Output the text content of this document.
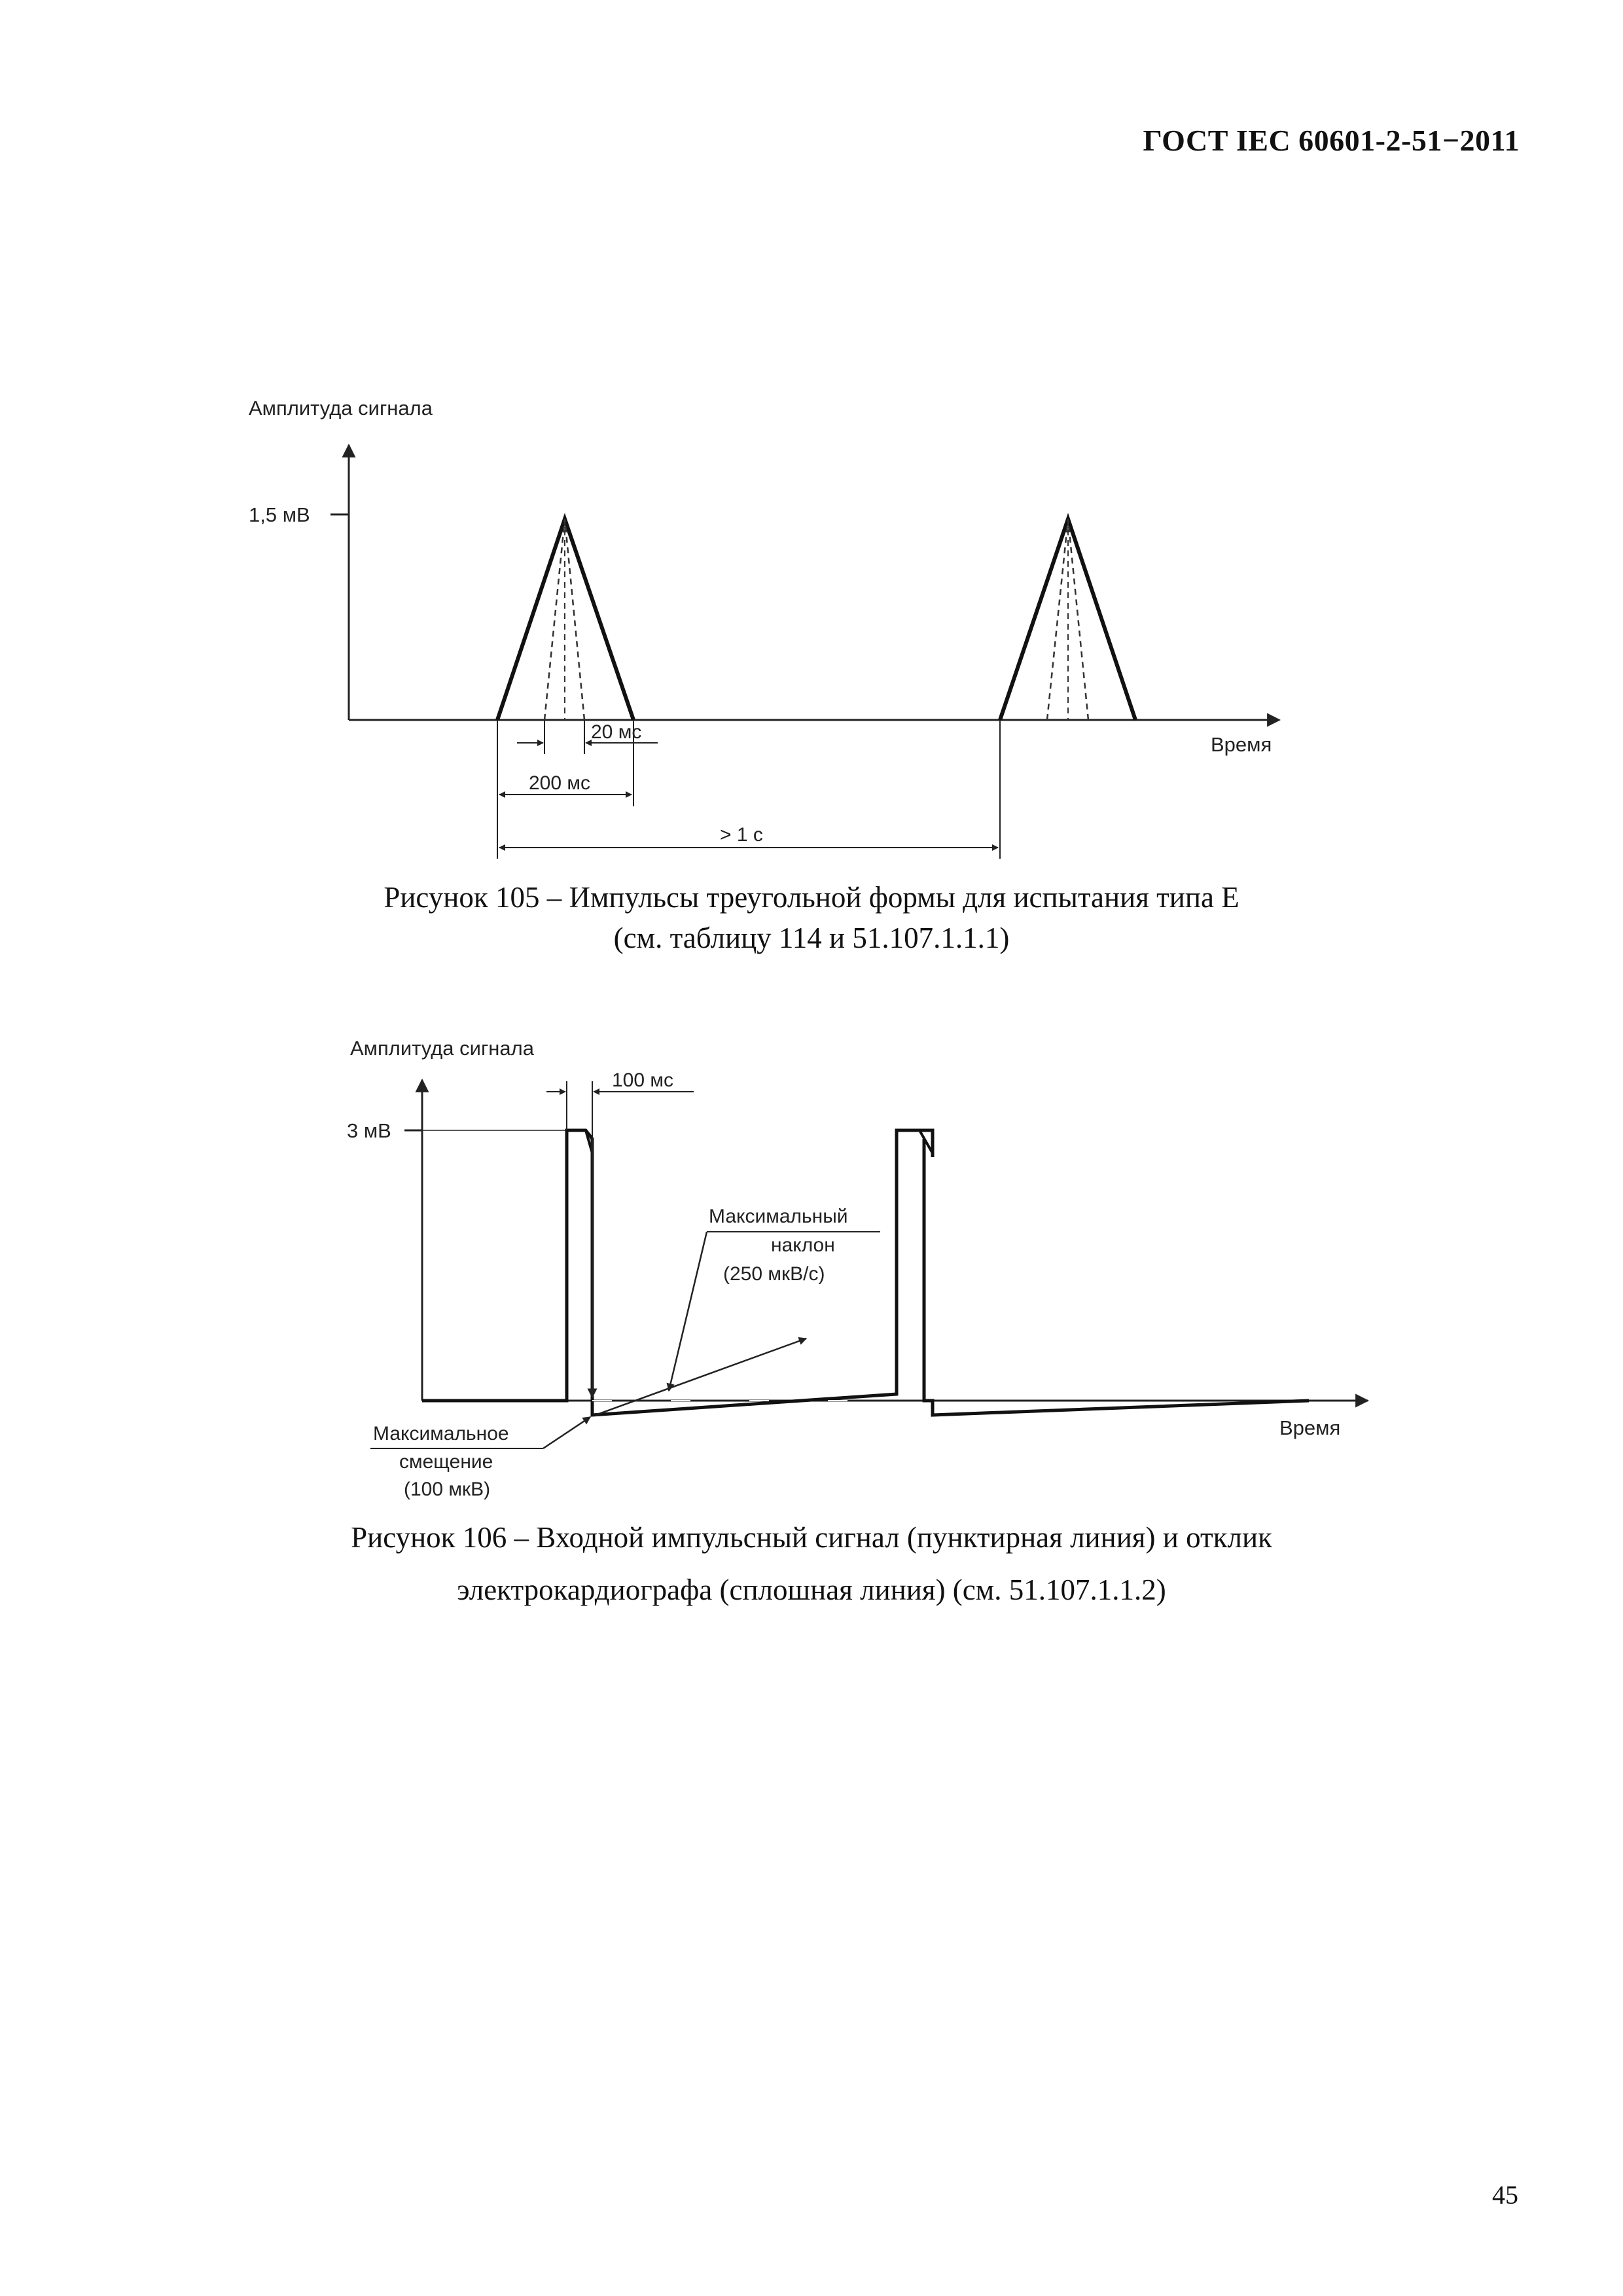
ГОСТ IEC 60601-2-51−2011
Амплитуда сигнала
1,5 мВ
Время
20 мс
200 мс
> 1 с
Амплитуда сигнала
3 мВ
Время
100 мс
Максимальный
наклон
(250 мкВ/с)
Максимальное
смещение
(100 мкВ)
Рисунок 105 – Импульсы треугольной формы для испытания типа Е
(см. таблицу 114 и 51.107.1.1.1)
Рисунок 106 – Входной импульсный сигнал (пунктирная линия) и отклик
электрокардиографа (сплошная линия) (см. 51.107.1.1.2)
45
